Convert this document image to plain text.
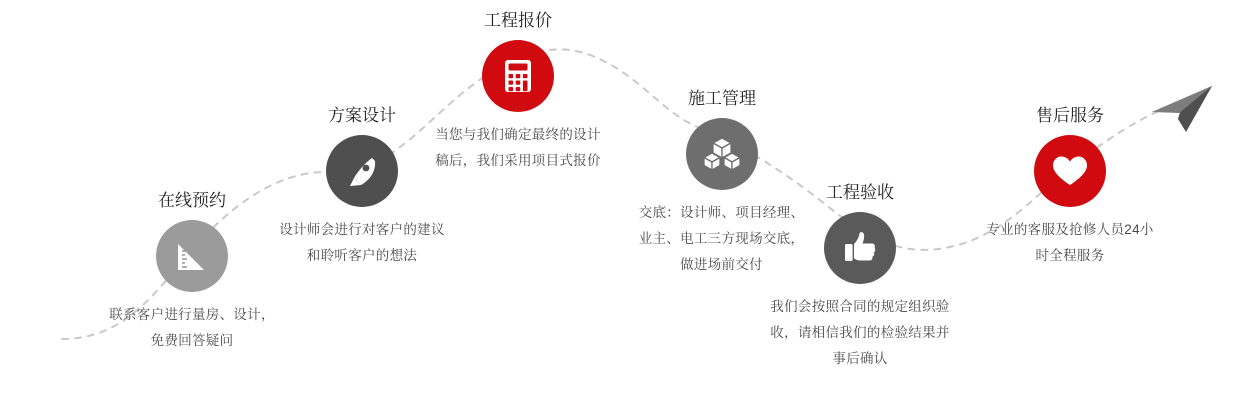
在线预约
联系客户进行量房、设计，免费回答疑问
方案设计
设计师会进行对客户的建议和聆听客户的想法
工程报价
当您与我们确定最终的设计稿后，我们采用项目式报价
施工管理
交底：设计师、项目经理、业主、电工三方现场交底，做进场前交付
工程验收
我们会按照合同的规定组织验收，请相信我们的检验结果并事后确认
售后服务
专业的客服及抢修人员24小时全程服务
